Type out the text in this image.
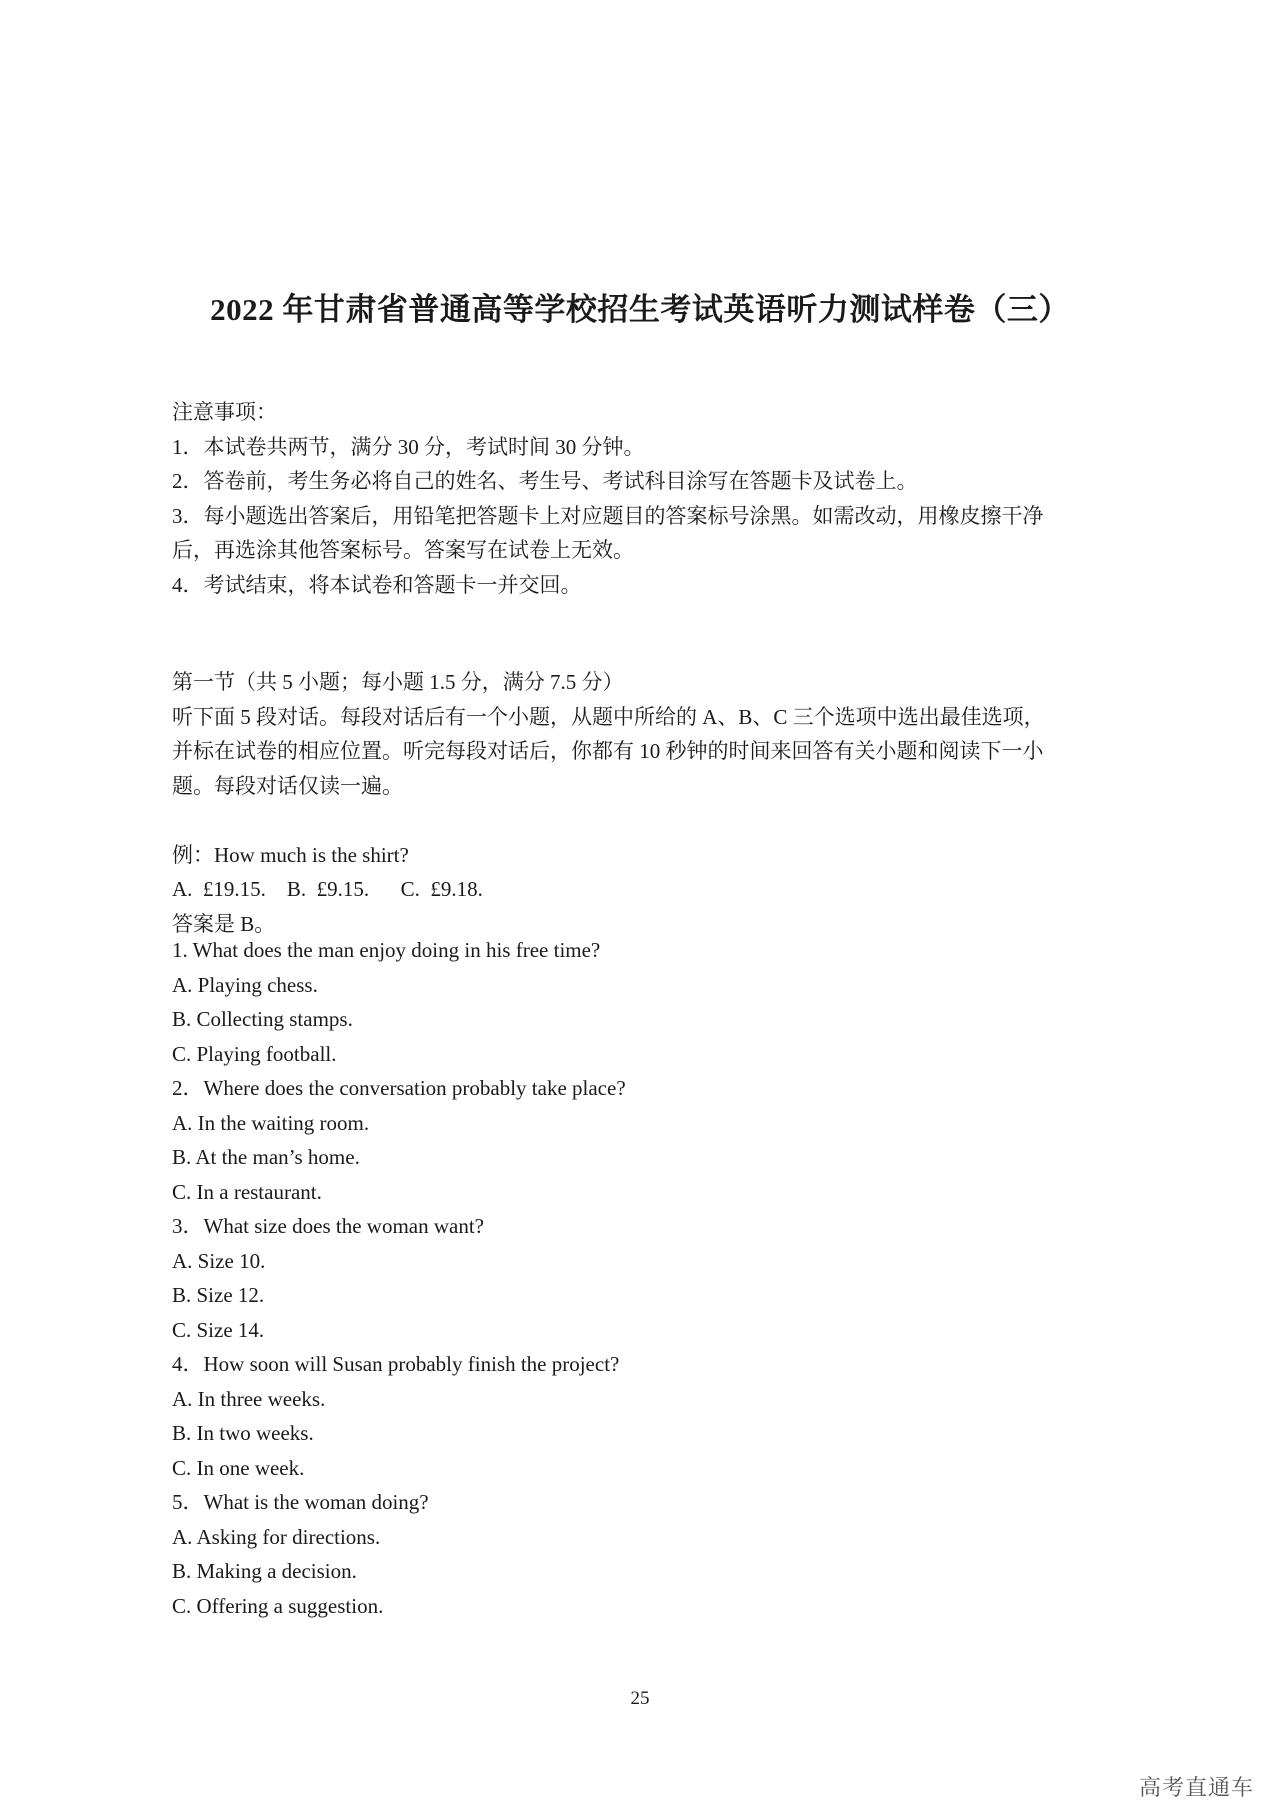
2022 年甘肃省普通高等学校招生考试英语听力测试样卷（三）

注意事项：

1．本试卷共两节，满分 30 分，考试时间 30 分钟。

2．答卷前，考生务必将自己的姓名、考生号、考试科目涂写在答题卡及试卷上。

3．每小题选出答案后，用铅笔把答题卡上对应题目的答案标号涂黑。如需改动，用橡皮擦干净

后，再选涂其他答案标号。答案写在试卷上无效。

4．考试结束，将本试卷和答题卡一并交回。

第一节（共 5 小题；每小题 1.5 分，满分 7.5 分）

听下面 5 段对话。每段对话后有一个小题，从题中所给的 A、B、C 三个选项中选出最佳选项，

并标在试卷的相应位置。听完每段对话后，你都有 10 秒钟的时间来回答有关小题和阅读下一小

题。每段对话仅读一遍。

例：How much is the shirt?

A.  £19.15.    B.  £9.15.      C.  £9.18.

答案是 B。

1. What does the man enjoy doing in his free time?

A. Playing chess.

B. Collecting stamps.

C. Playing football.

2．Where does the conversation probably take place?

A. In the waiting room.

B. At the man’s home.

C. In a restaurant.

3．What size does the woman want?

A. Size 10.

B. Size 12.

C. Size 14.

4．How soon will Susan probably finish the project?

A. In three weeks.

B. In two weeks.

C. In one week.

5．What is the woman doing?

A. Asking for directions.

B. Making a decision.

C. Offering a suggestion.

25
高考直通车
